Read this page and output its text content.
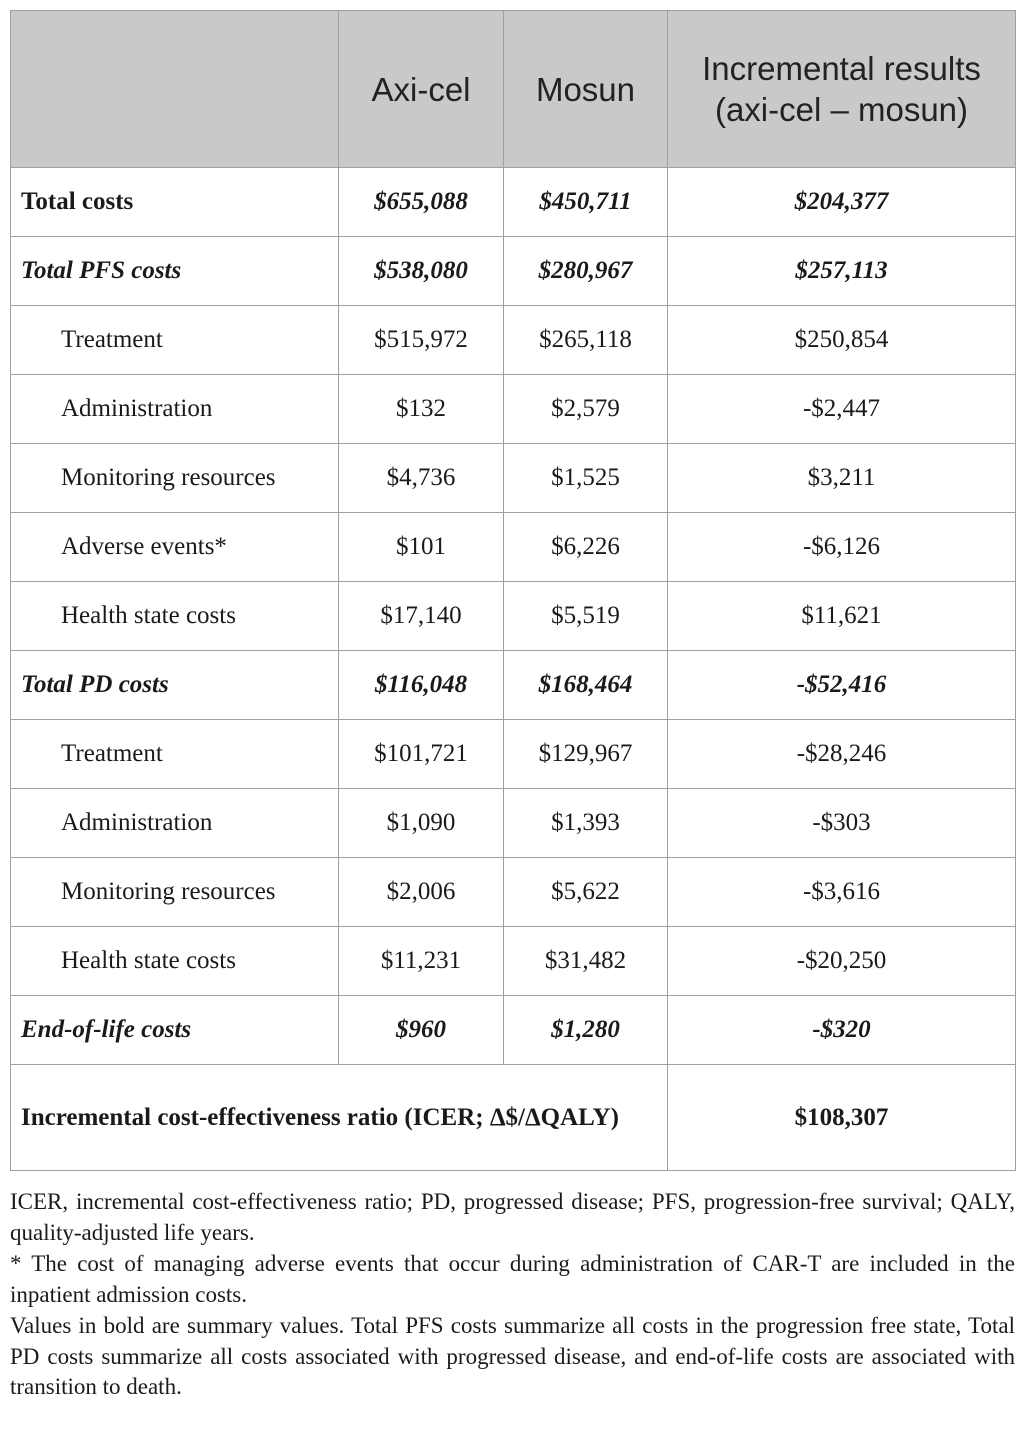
	Axi-cel	Mosun	Incremental results (axi-cel – mosun)
Total costs	$655,088	$450,711	$204,377
Total PFS costs	$538,080	$280,967	$257,113
Treatment	$515,972	$265,118	$250,854
Administration	$132	$2,579	-$2,447
Monitoring resources	$4,736	$1,525	$3,211
Adverse events*	$101	$6,226	-$6,126
Health state costs	$17,140	$5,519	$11,621
Total PD costs	$116,048	$168,464	-$52,416
Treatment	$101,721	$129,967	-$28,246
Administration	$1,090	$1,393	-$303
Monitoring resources	$2,006	$5,622	-$3,616
Health state costs	$11,231	$31,482	-$20,250
End-of-life costs	$960	$1,280	-$320
Incremental cost-effectiveness ratio (ICER; Δ$/ΔQALY)			$108,307

ICER, incremental cost-effectiveness ratio; PD, progressed disease; PFS, progression-free survival; QALY, quality-adjusted life years.

* The cost of managing adverse events that occur during administration of CAR-T are included in the inpatient admission costs.

Values in bold are summary values. Total PFS costs summarize all costs in the progression free state, Total PD costs summarize all costs associated with progressed disease, and end-of-life costs are associated with transition to death.
